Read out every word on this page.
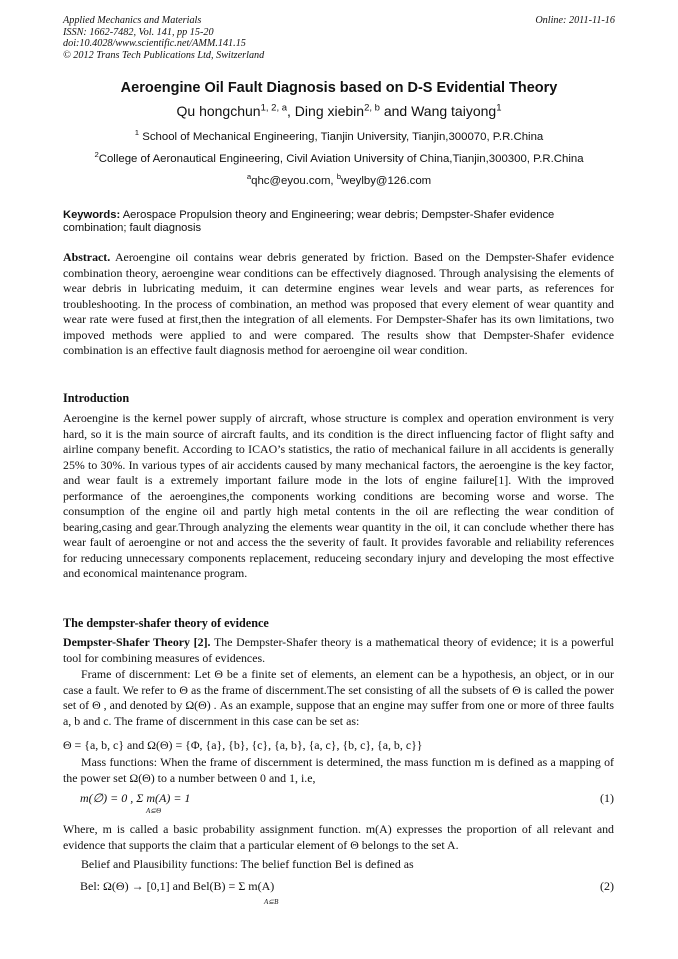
Applied Mechanics and Materials
ISSN: 1662-7482, Vol. 141, pp 15-20
doi:10.4028/www.scientific.net/AMM.141.15
© 2012 Trans Tech Publications Ltd, Switzerland
Online: 2011-11-16
Aeroengine Oil Fault Diagnosis based on D-S Evidential Theory
Qu hongchun$^{1, 2, a}$, Ding xiebin$^{2, b}$ and Wang taiyong$^1$
$^1$ School of Mechanical Engineering, Tianjin University, Tianjin,300070, P.R.China
$^2$College of Aeronautical Engineering, Civil Aviation University of China,Tianjin,300300, P.R.China
$^a$qhc@eyou.com, $^b$weylby@126.com
Keywords: Aerospace Propulsion theory and Engineering; wear debris; Dempster-Shafer evidence combination; fault diagnosis
Abstract. Aeroengine oil contains wear debris generated by friction. Based on the Dempster-Shafer evidence combination theory, aeroengine wear conditions can be effectively diagnosed. Through analysising the elements of wear debris in lubricating meduim, it can determine engines wear levels and wear parts, as references for troubleshooting. In the process of combination, an method was proposed that every element of wear quantity and wear rate were fused at first,then the integration of all elements. For Dempster-Shafer has its own limitations, two impoved methods were applied to and were compared. The results show that Dempster-Shafer evidence combination is an effective fault diagnosis method for aeroengine oil wear condition.
Introduction
Aeroengine is the kernel power supply of aircraft, whose structure is complex and operation environment is very hard, so it is the main source of aircraft faults, and its condition is the direct influencing factor of flight safty and airline company benefit. According to ICAO’s statistics, the ratio of mechanical failure in all accidents is generally 25% to 30%. In various types of air accidents caused by many mechanical factors, the aeroengine is the key factor, and wear fault is a extremely important failure mode in the lots of engine failure[1]. With the improved performance of the aeroengines,the components working conditions are becoming worse and worse. The consumption of the engine oil and partly high metal contents in the oil are reflecting the wear condition of bearing,casing and gear.Through analyzing the elements wear quantity in the oil, it can conclude whether there has wear fault of aeroengine or not and access the the severity of fault. It provides favorable and reliability references for reducing unnecessary components replacement, reduceing secondary injury and developing the most effective and economical maintenance program.
The dempster-shafer theory of evidence
Dempster-Shafer Theory [2]. The Dempster-Shafer theory is a mathematical theory of evidence; it is a powerful tool for combining measures of evidences.
Frame of discernment: Let Θ be a finite set of elements, an element can be a hypothesis, an object, or in our case a fault. We refer to Θ as the frame of discernment.The set consisting of all the subsets of Θ is called the power set of Θ , and denoted by Ω(Θ) . As an example, suppose that an engine may suffer from one or more of three faults a, b and c. The frame of discernment in this case can be set as:
Θ = {a, b, c} and Ω(Θ) = {Φ, {a}, {b}, {c}, {a, b}, {a, c}, {b, c}, {a, b, c}}
Mass functions: When the frame of discernment is determined, the mass function m is defined as a mapping of the power set Ω(Θ) to a number between 0 and 1, i.e,
m(∅) = 0 , Σ m(A) = 1
A⊆Θ
(1)
Where, m is called a basic probability assignment function. m(A) expresses the proportion of all relevant and evidence that supports the claim that a particular element of Θ belongs to the set A.
Belief and Plausibility functions: The belief function Bel is defined as
Bel: Ω(Θ) → [0,1] and Bel(B) = Σ m(A)
A⊆B
(2)
